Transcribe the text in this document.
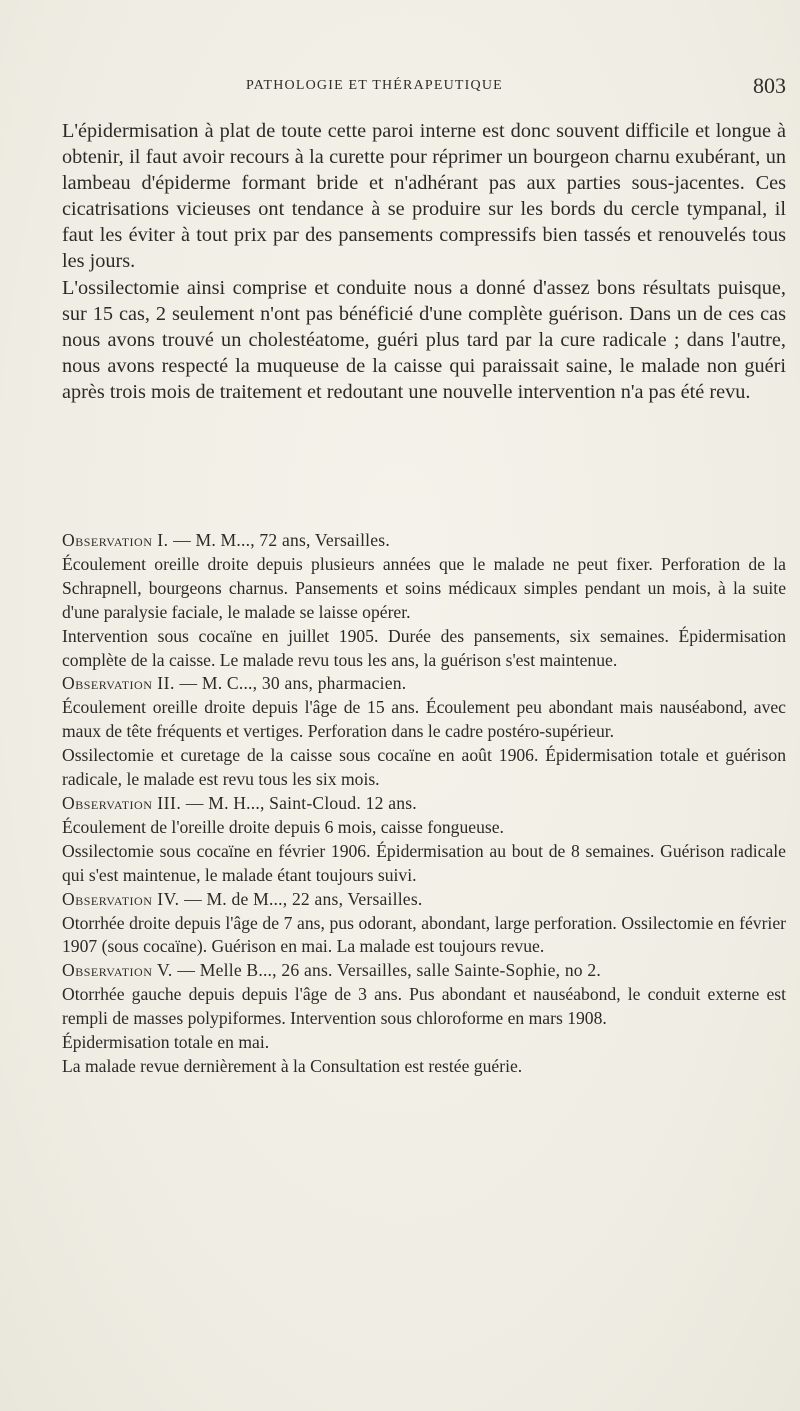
PATHOLOGIE ET THÉRAPEUTIQUE	803

L'épidermisation à plat de toute cette paroi interne est donc souvent difficile et longue à obtenir, il faut avoir recours à la curette pour réprimer un bourgeon charnu exubérant, un lambeau d'épiderme formant bride et n'adhérant pas aux parties sous-jacentes. Ces cicatrisations vicieuses ont tendance à se produire sur les bords du cercle tympanal, il faut les éviter à tout prix par des pansements compressifs bien tassés et renouvelés tous les jours.

L'ossilectomie ainsi comprise et conduite nous a donné d'assez bons résultats puisque, sur 15 cas, 2 seulement n'ont pas bénéficié d'une complète guérison. Dans un de ces cas nous avons trouvé un cholestéatome, guéri plus tard par la cure radicale ; dans l'autre, nous avons respecté la muqueuse de la caisse qui paraissait saine, le malade non guéri après trois mois de traitement et redoutant une nouvelle intervention n'a pas été revu.

Observation I. — M. M..., 72 ans, Versailles.

Écoulement oreille droite depuis plusieurs années que le malade ne peut fixer. Perforation de la Schrapnell, bourgeons charnus. Pansements et soins médicaux simples pendant un mois, à la suite d'une paralysie faciale, le malade se laisse opérer.

Intervention sous cocaïne en juillet 1905. Durée des pansements, six semaines. Épidermisation complète de la caisse. Le malade revu tous les ans, la guérison s'est maintenue.

Observation II. — M. C..., 30 ans, pharmacien.

Écoulement oreille droite depuis l'âge de 15 ans. Écoulement peu abondant mais nauséabond, avec maux de tête fréquents et vertiges. Perforation dans le cadre postéro-supérieur.

Ossilectomie et curetage de la caisse sous cocaïne en août 1906. Épidermisation totale et guérison radicale, le malade est revu tous les six mois.

Observation III. — M. H..., Saint-Cloud. 12 ans.

Écoulement de l'oreille droite depuis 6 mois, caisse fongueuse.

Ossilectomie sous cocaïne en février 1906. Épidermisation au bout de 8 semaines. Guérison radicale qui s'est maintenue, le malade étant toujours suivi.

Observation IV. — M. de M..., 22 ans, Versailles.

Otorrhée droite depuis l'âge de 7 ans, pus odorant, abondant, large perforation. Ossilectomie en février 1907 (sous cocaïne). Guérison en mai. La malade est toujours revue.

Observation V. — Melle B..., 26 ans. Versailles, salle Sainte-Sophie, no 2.

Otorrhée gauche depuis depuis l'âge de 3 ans. Pus abondant et nauséabond, le conduit externe est rempli de masses polypiformes. Intervention sous chloroforme en mars 1908.

Épidermisation totale en mai.

La malade revue dernièrement à la Consultation est restée guérie.
